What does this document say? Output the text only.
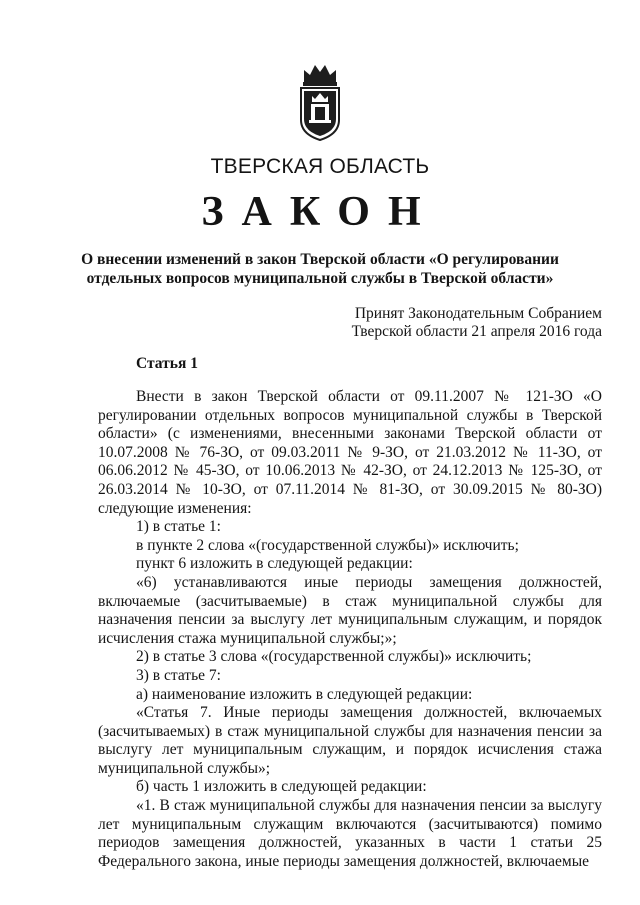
ТВЕРСКАЯ ОБЛАСТЬ
ЗАКОН
О внесении изменений в закон Тверской области «О регулировании отдельных вопросов муниципальной службы в Тверской области»
Принят Законодательным Собранием
Тверской области 21 апреля 2016 года
Статья 1

Внести в закон Тверской области от 09.11.2007 № 121-ЗО «О регулировании отдельных вопросов муниципальной службы в Тверской области» (с изменениями, внесенными законами Тверской области от 10.07.2008 № 76-ЗО, от 09.03.2011 № 9-ЗО, от 21.03.2012 № 11-ЗО, от 06.06.2012 № 45-ЗО, от 10.06.2013 № 42-ЗО, от 24.12.2013 № 125-ЗО, от 26.03.2014 № 10-ЗО, от 07.11.2014 № 81-ЗО, от 30.09.2015 № 80-ЗО) следующие изменения:

1) в статье 1:

в пункте 2 слова «(государственной службы)» исключить;

пункт 6 изложить в следующей редакции:

«6) устанавливаются иные периоды замещения должностей, включаемые (засчитываемые) в стаж муниципальной службы для назначения пенсии за выслугу лет муниципальным служащим, и порядок исчисления стажа муниципальной службы;»;

2) в статье 3 слова «(государственной службы)» исключить;

3) в статье 7:

а) наименование изложить в следующей редакции:

«Статья 7. Иные периоды замещения должностей, включаемых (засчитываемых) в стаж муниципальной службы для назначения пенсии за выслугу лет муниципальным служащим, и порядок исчисления стажа муниципальной службы»;

б) часть 1 изложить в следующей редакции:

«1. В стаж муниципальной службы для назначения пенсии за выслугу лет муниципальным служащим включаются (засчитываются) помимо периодов замещения должностей, указанных в части 1 статьи 25 Федерального закона, иные периоды замещения должностей, включаемые
